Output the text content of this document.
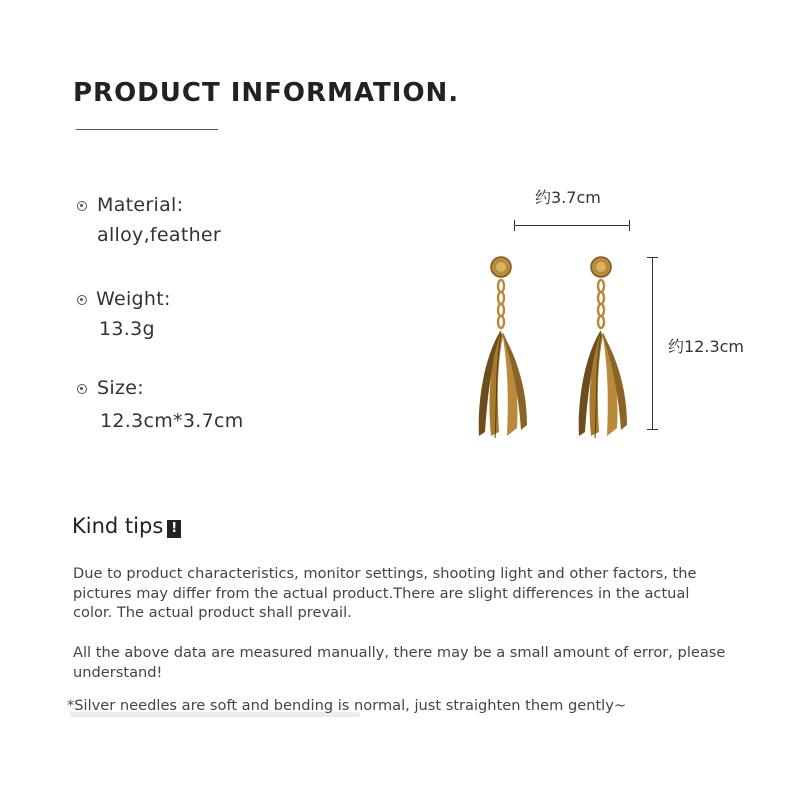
PRODUCT INFORMATION.
Material:
alloy,feather
Weight:
13.3g
Size:
12.3cm*3.7cm
约3.7cm
约12.3cm
Kind tips !
Due to product characteristics, monitor settings, shooting light and other factors, the pictures may differ from the actual product.There are slight differences in the actual color. The actual product shall prevail.
All the above data are measured manually, there may be a small amount of error, please understand!
*Silver needles are soft and bending is normal, just straighten them gently~
